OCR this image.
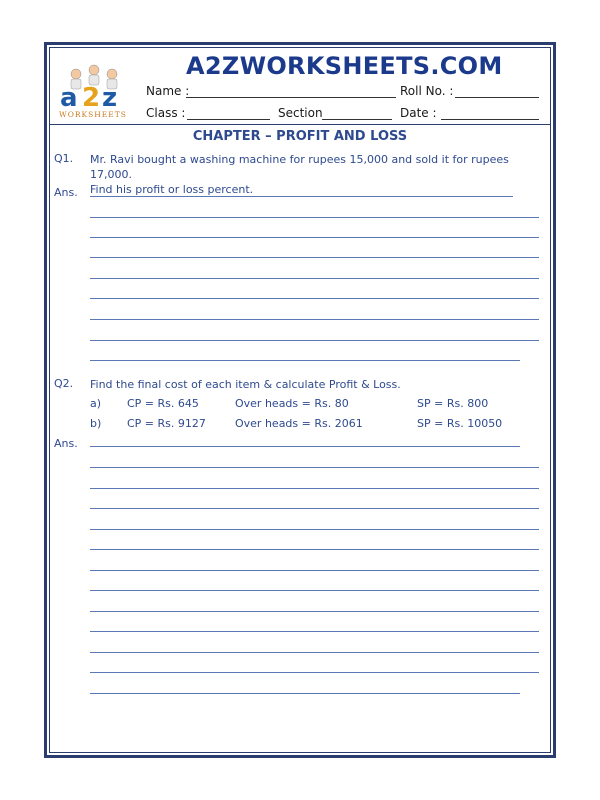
a 2 z
WORKSHEETS
A2ZWORKSHEETS.COM
Name :	Roll No. :
Class :	Section	Date :
CHAPTER – PROFIT AND LOSS
Q1. Mr. Ravi bought a washing machine for rupees 15,000 and sold it for rupees 17,000.
Find his profit or loss percent.
Ans.
Q2. Find the final cost of each item & calculate Profit & Loss.
a) CP = Rs. 645	Over heads = Rs. 80	SP = Rs. 800
b) CP = Rs. 9127	Over heads = Rs. 2061	SP = Rs. 10050
Ans.
